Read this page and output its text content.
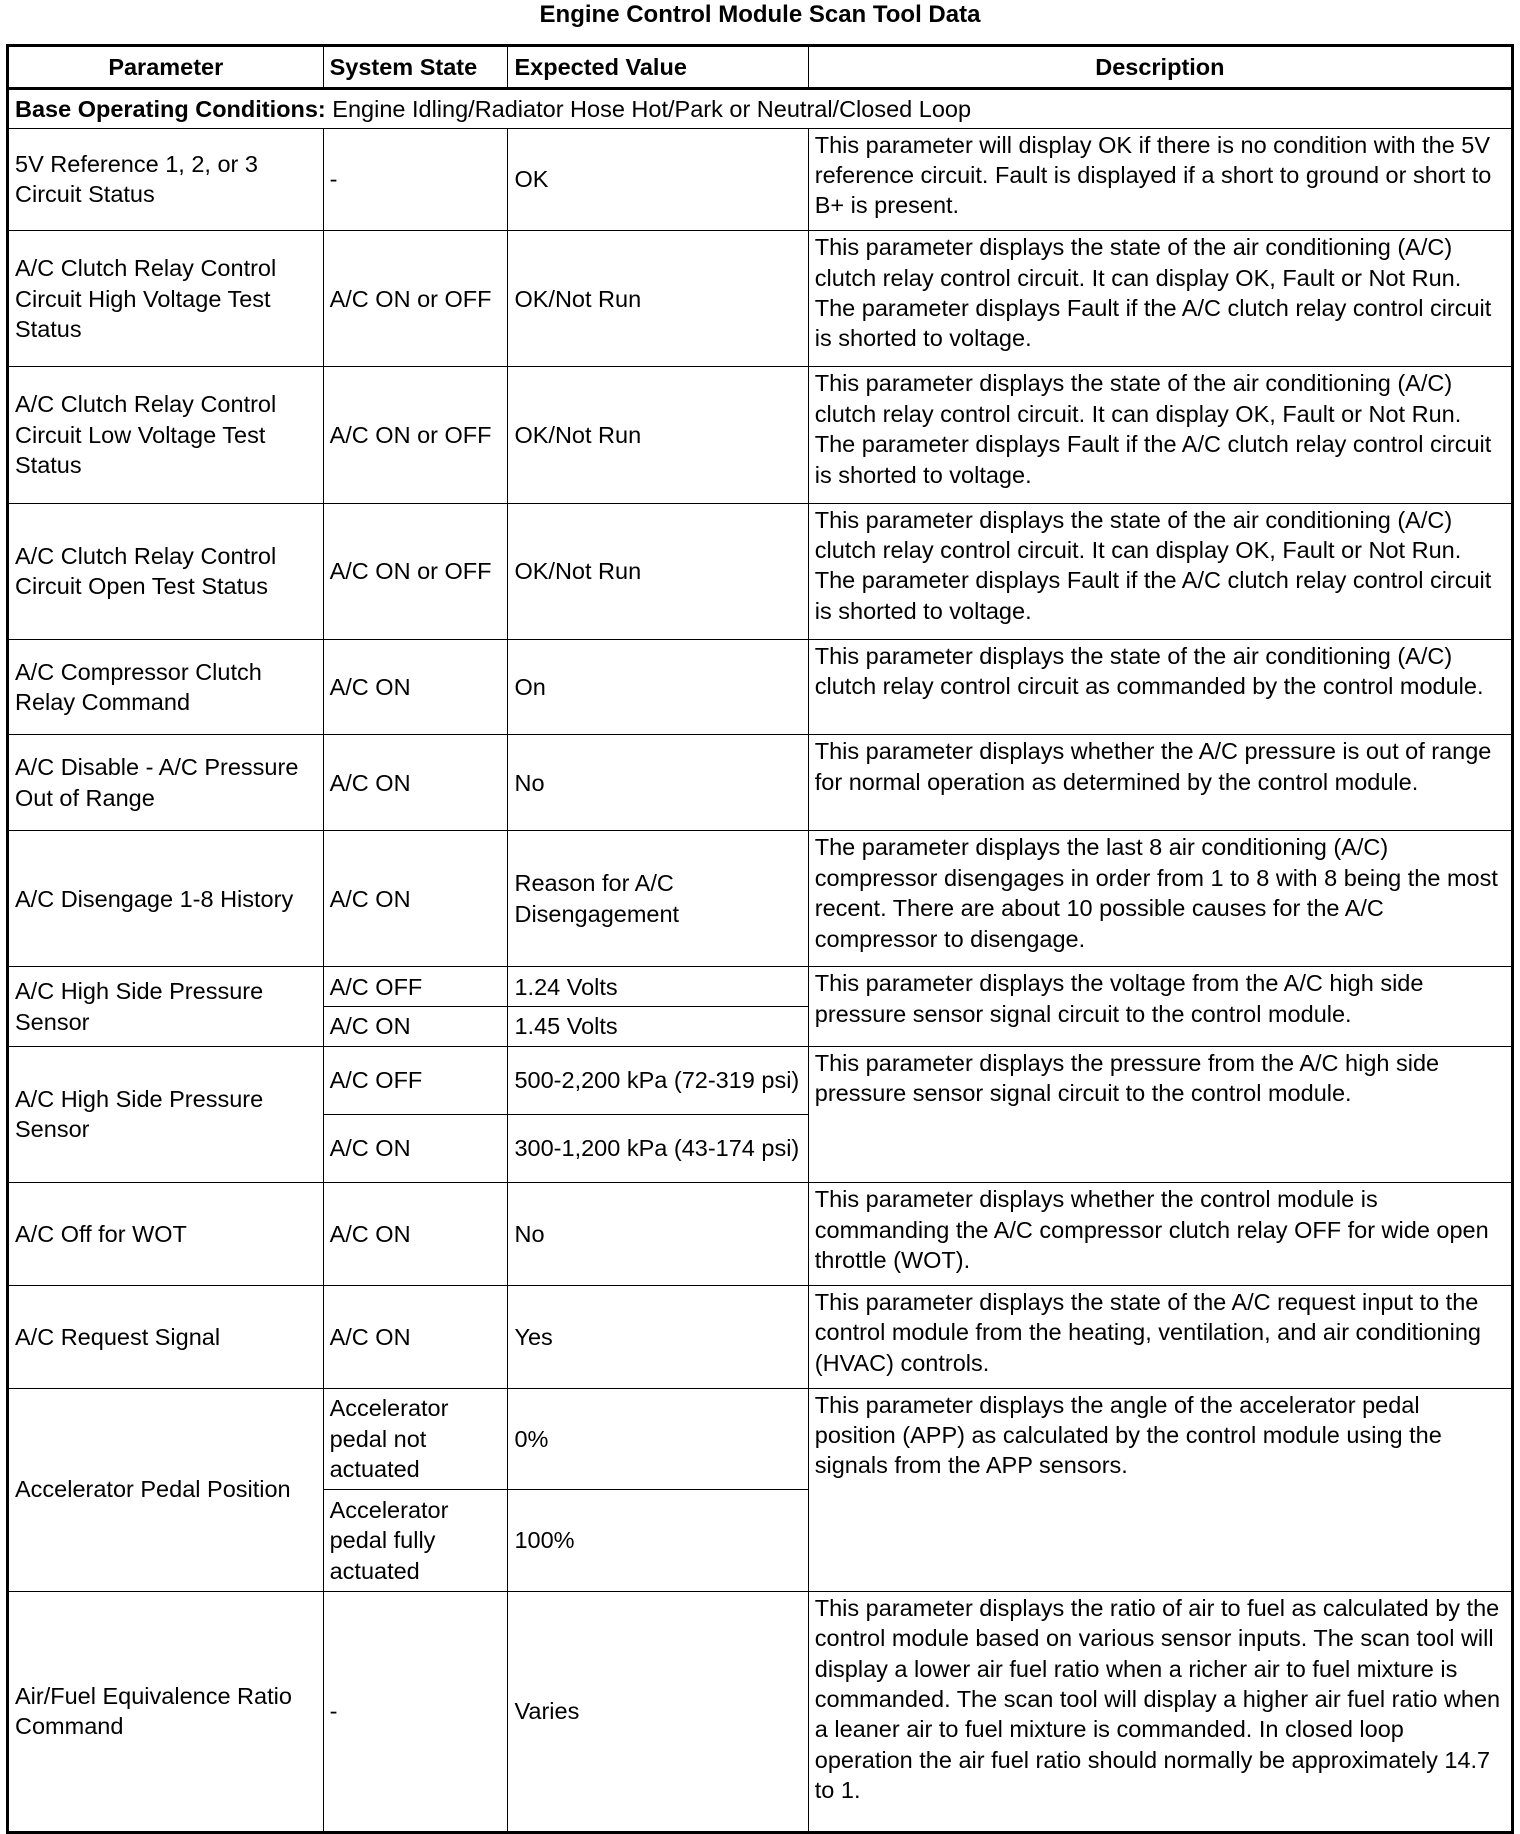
Engine Control Module Scan Tool Data
Parameter	System State	Expected Value	Description
Base Operating Conditions: Engine Idling/Radiator Hose Hot/Park or Neutral/Closed Loop			
5V Reference 1, 2, or 3 Circuit Status	-	OK	This parameter will display OK if there is no condition with the 5V reference circuit. Fault is displayed if a short to ground or short to B+ is present.
A/C Clutch Relay Control Circuit High Voltage Test Status	A/C ON or OFF	OK/Not Run	This parameter displays the state of the air conditioning (A/C) clutch relay control circuit. It can display OK, Fault or Not Run. The parameter displays Fault if the A/C clutch relay control circuit is shorted to voltage.
A/C Clutch Relay Control Circuit Low Voltage Test Status	A/C ON or OFF	OK/Not Run	This parameter displays the state of the air conditioning (A/C) clutch relay control circuit. It can display OK, Fault or Not Run. The parameter displays Fault if the A/C clutch relay control circuit is shorted to voltage.
A/C Clutch Relay Control Circuit Open Test Status	A/C ON or OFF	OK/Not Run	This parameter displays the state of the air conditioning (A/C) clutch relay control circuit. It can display OK, Fault or Not Run. The parameter displays Fault if the A/C clutch relay control circuit is shorted to voltage.
A/C Compressor Clutch Relay Command	A/C ON	On	This parameter displays the state of the air conditioning (A/C) clutch relay control circuit as commanded by the control module.
A/C Disable - A/C Pressure Out of Range	A/C ON	No	This parameter displays whether the A/C pressure is out of range for normal operation as determined by the control module.
A/C Disengage 1-8 History	A/C ON	Reason for A/C Disengagement	The parameter displays the last 8 air conditioning (A/C) compressor disengages in order from 1 to 8 with 8 being the most recent. There are about 10 possible causes for the A/C compressor to disengage.
A/C High Side Pressure Sensor	A/C OFF	1.24 Volts	This parameter displays the voltage from the A/C high side pressure sensor signal circuit to the control module.
	A/C ON	1.45 Volts	
A/C High Side Pressure Sensor	A/C OFF	500-2,200 kPa (72-319 psi)	This parameter displays the pressure from the A/C high side pressure sensor signal circuit to the control module.
	A/C ON	300-1,200 kPa (43-174 psi)	
A/C Off for WOT	A/C ON	No	This parameter displays whether the control module is commanding the A/C compressor clutch relay OFF for wide open throttle (WOT).
A/C Request Signal	A/C ON	Yes	This parameter displays the state of the A/C request input to the control module from the heating, ventilation, and air conditioning (HVAC) controls.
Accelerator Pedal Position	Accelerator pedal not actuated	0%	This parameter displays the angle of the accelerator pedal position (APP) as calculated by the control module using the signals from the APP sensors.
	Accelerator pedal fully actuated	100%	
Air/Fuel Equivalence Ratio Command	-	Varies	This parameter displays the ratio of air to fuel as calculated by the control module based on various sensor inputs. The scan tool will display a lower air fuel ratio when a richer air to fuel mixture is commanded. The scan tool will display a higher air fuel ratio when a leaner air to fuel mixture is commanded. In closed loop operation the air fuel ratio should normally be approximately 14.7 to 1.
